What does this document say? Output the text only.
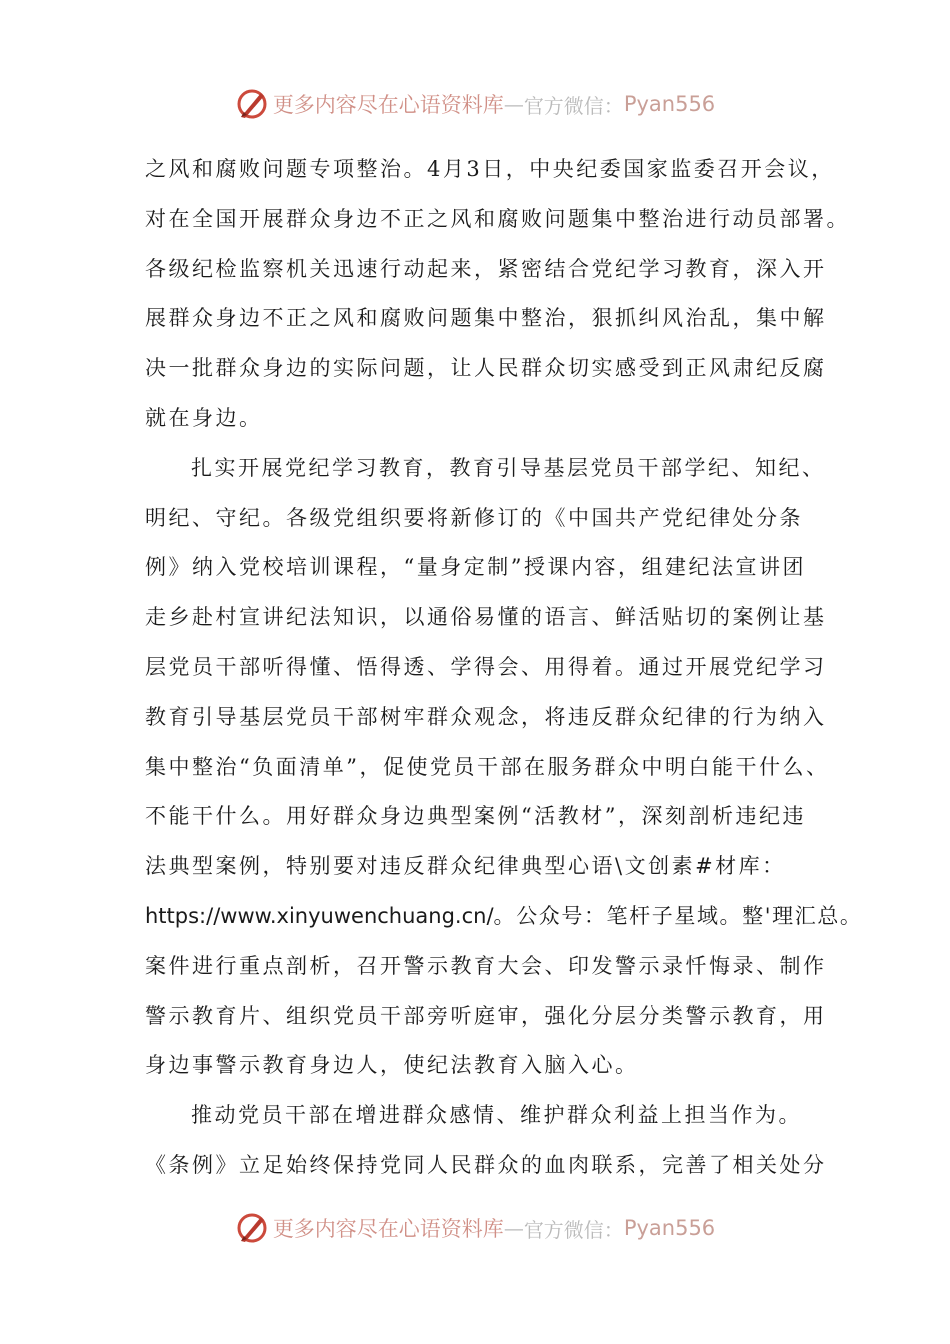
更多内容尽在心语资料库 — 官方微信： Pyan556
之风和腐败问题专项整治。4月3日，中央纪委国家监委召开会议，
对在全国开展群众身边不正之风和腐败问题集中整治进行动员部署。
各级纪检监察机关迅速行动起来，紧密结合党纪学习教育，深入开
展群众身边不正之风和腐败问题集中整治，狠抓纠风治乱，集中解
决一批群众身边的实际问题，让人民群众切实感受到正风肃纪反腐
就在身边。
扎实开展党纪学习教育，教育引导基层党员干部学纪、知纪、
明纪、守纪。各级党组织要将新修订的《中国共产党纪律处分条
例》纳入党校培训课程，“量身定制”授课内容，组建纪法宣讲团
走乡赴村宣讲纪法知识，以通俗易懂的语言、鲜活贴切的案例让基
层党员干部听得懂、悟得透、学得会、用得着。通过开展党纪学习
教育引导基层党员干部树牢群众观念，将违反群众纪律的行为纳入
集中整治“负面清单”，促使党员干部在服务群众中明白能干什么、
不能干什么。用好群众身边典型案例“活教材”，深刻剖析违纪违
法典型案例，特别要对违反群众纪律典型心语\文创素#材库：
https://www.xinyuwenchuang.cn/。公众号：笔杆子星域。整'理汇总。
案件进行重点剖析，召开警示教育大会、印发警示录忏悔录、制作
警示教育片、组织党员干部旁听庭审，强化分层分类警示教育，用
身边事警示教育身边人，使纪法教育入脑入心。
推动党员干部在增进群众感情、维护群众利益上担当作为。
《条例》立足始终保持党同人民群众的血肉联系，完善了相关处分
更多内容尽在心语资料库 — 官方微信： Pyan556
